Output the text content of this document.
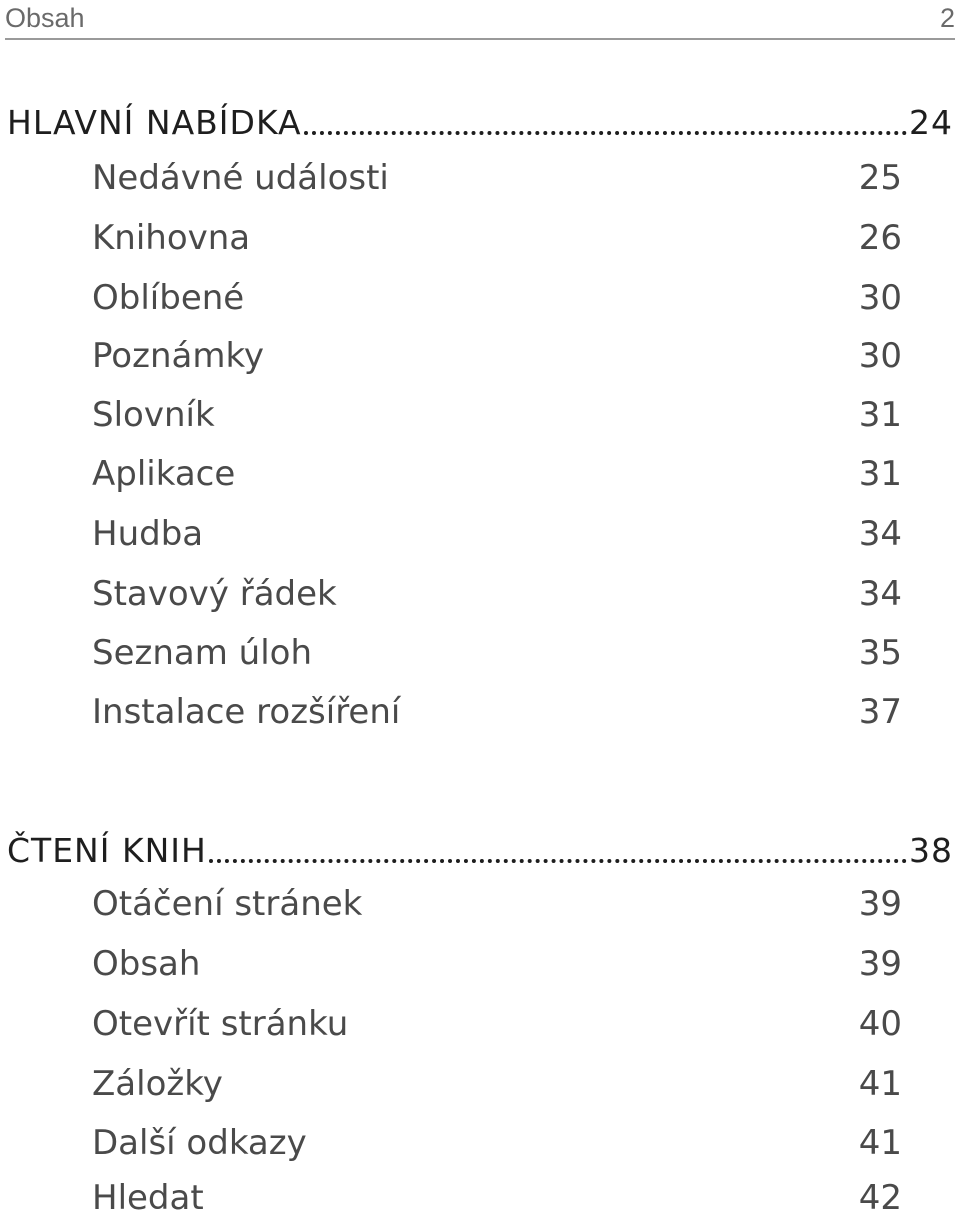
Obsah	2
HLAVNÍ NABÍDKA	24
Nedávné události	25
Knihovna	26
Oblíbené	30
Poznámky	30
Slovník	31
Aplikace	31
Hudba	34
Stavový řádek	34
Seznam úloh	35
Instalace rozšíření	37
ČTENÍ KNIH	38
Otáčení stránek	39
Obsah	39
Otevřít stránku	40
Záložky	41
Další odkazy	41
Hledat	42
